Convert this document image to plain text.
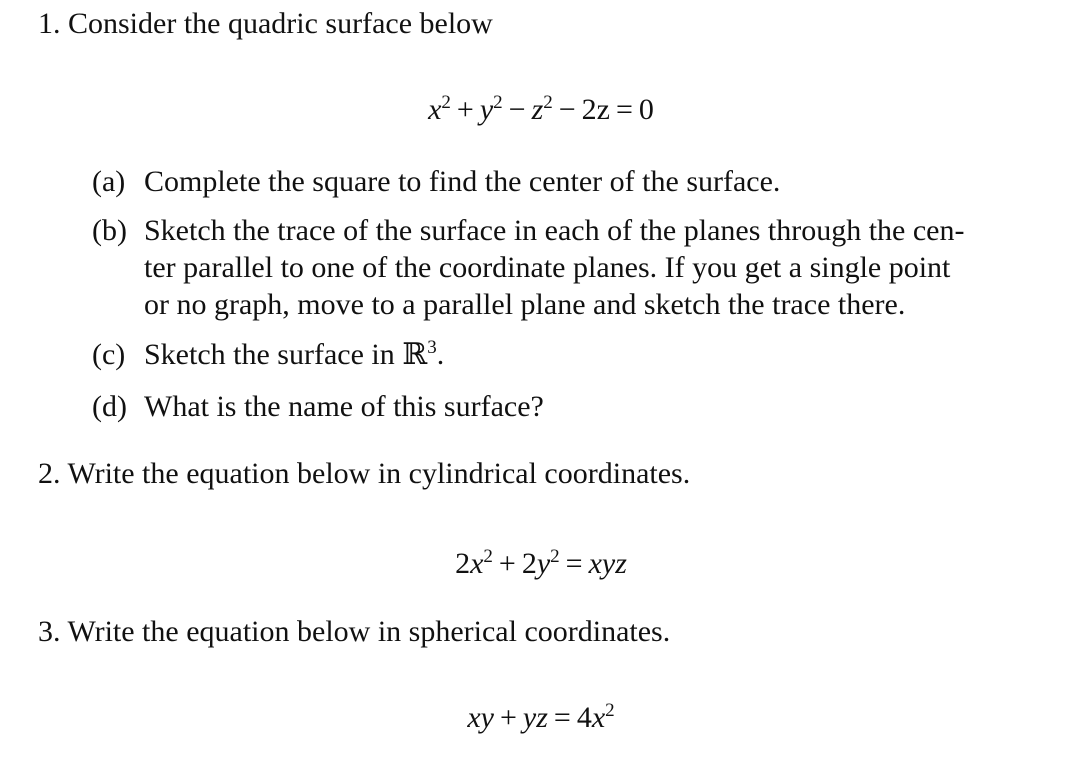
1. Consider the quadric surface below
$x^2 + y^2 - z^2 - 2z = 0$
(a) Complete the square to find the center of the surface.
(b) Sketch the trace of the surface in each of the planes through the cen-
ter parallel to one of the coordinate planes. If you get a single point
or no graph, move to a parallel plane and sketch the trace there.
(c) Sketch the surface in ℝ$^3$.
(d) What is the name of this surface?
2. Write the equation below in cylindrical coordinates.
$2x^2 + 2y^2$ = xyz
3. Write the equation below in spherical coordinates.
xy + yz = $4x^2$
